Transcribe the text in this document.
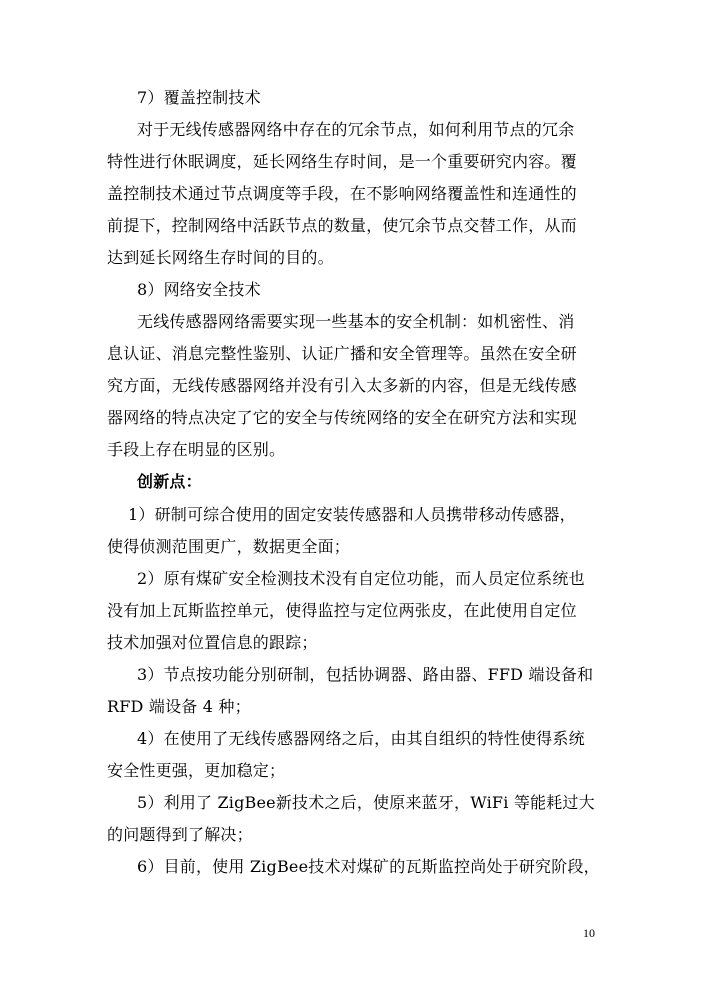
7）覆盖控制技术
对于无线传感器网络中存在的冗余节点，如何利用节点的冗余
特性进行休眠调度，延长网络生存时间，是一个重要研究内容。覆
盖控制技术通过节点调度等手段，在不影响网络覆盖性和连通性的
前提下，控制网络中活跃节点的数量，使冗余节点交替工作，从而
达到延长网络生存时间的目的。
8）网络安全技术
无线传感器网络需要实现一些基本的安全机制：如机密性、消
息认证、消息完整性鉴别、认证广播和安全管理等。虽然在安全研
究方面，无线传感器网络并没有引入太多新的内容，但是无线传感
器网络的特点决定了它的安全与传统网络的安全在研究方法和实现
手段上存在明显的区别。
创新点：
1）研制可综合使用的固定安装传感器和人员携带移动传感器，
使得侦测范围更广，数据更全面；
2）原有煤矿安全检测技术没有自定位功能，而人员定位系统也
没有加上瓦斯监控单元，使得监控与定位两张皮，在此使用自定位
技术加强对位置信息的跟踪；
3）节点按功能分别研制，包括协调器、路由器、FFD 端设备和
RFD 端设备 4 种；
4）在使用了无线传感器网络之后，由其自组织的特性使得系统
安全性更强，更加稳定；
5）利用了 ZigBee新技术之后，使原来蓝牙，WiFi 等能耗过大
的问题得到了解决；
6）目前，使用 ZigBee技术对煤矿的瓦斯监控尚处于研究阶段，
10
